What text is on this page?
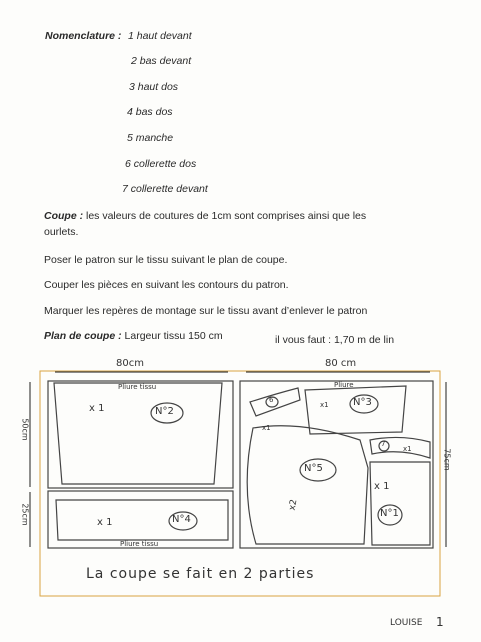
Nomenclature : 1 haut devant
2 bas devant
3 haut dos
4 bas dos
5 manche
6 collerette dos
7 collerette devant
Coupe : les valeurs de coutures de 1cm sont comprises ainsi que les
ourlets.
Poser le patron sur le tissu suivant le plan de coupe.
Couper les pièces en suivant les contours du patron.
Marquer les repères de montage sur le tissu avant d’enlever le patron
Plan de coupe : Largeur tissu 150 cm	il vous faut : 1,70 m de lin
80cm	80 cm
50cm
25cm
75cm
Pliure tissu
Pliure tissu
Pliure
N°2
N°3
N°4
N°5
N°1
6
7
x 1
x 1
x1
x1
x1
x 1
x2
La coupe se fait en 2 parties
LOUISE 1
